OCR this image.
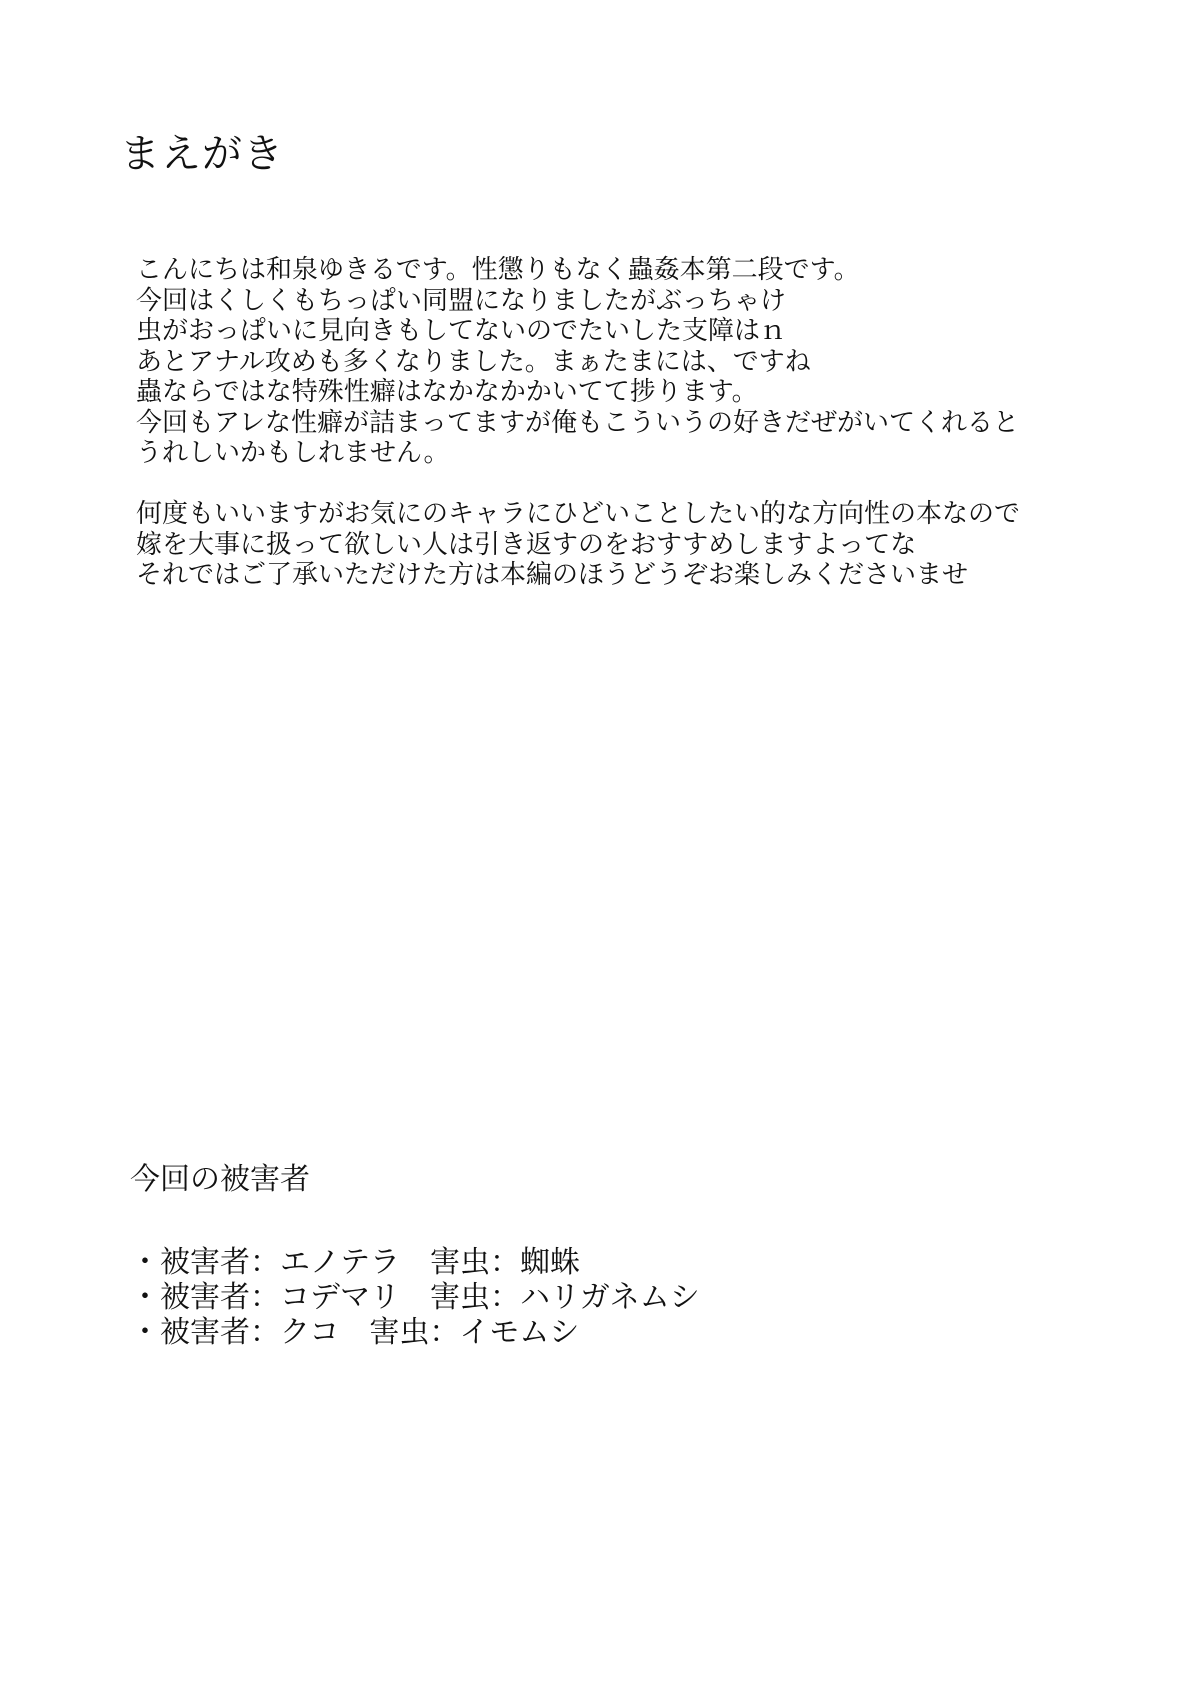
まえがき
こんにちは和泉ゆきるです。性懲りもなく蟲姦本第二段です。
今回はくしくもちっぱい同盟になりましたがぶっちゃけ
虫がおっぱいに見向きもしてないのでたいした支障はｎ
あとアナル攻めも多くなりました。まぁたまには、ですね
蟲ならではな特殊性癖はなかなかかいてて捗ります。
今回もアレな性癖が詰まってますが俺もこういうの好きだぜがいてくれると
うれしいかもしれません。
何度もいいますがお気にのキャラにひどいことしたい的な方向性の本なので
嫁を大事に扱って欲しい人は引き返すのをおすすめしますよってな
それではご了承いただけた方は本編のほうどうぞお楽しみくださいませ
今回の被害者
・被害者：エノテラ　害虫：蜘蛛
・被害者：コデマリ　害虫：ハリガネムシ
・被害者：クコ　害虫：イモムシ
